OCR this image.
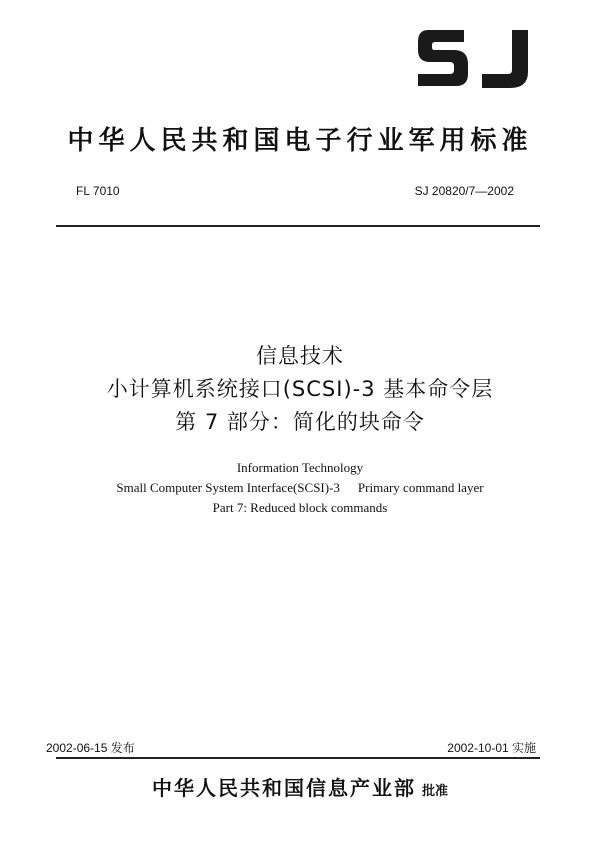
中华人民共和国电子行业军用标准
FL 7010	SJ 20820/7—2002
信息技术
小计算机系统接口(SCSI)-3 基本命令层
第 7 部分：简化的块命令
Information Technology
Small Computer System Interface(SCSI)-3 Primary command layer
Part 7: Reduced block commands
2002-06-15 发布	2002-10-01 实施
中华人民共和国信息产业部 批准
